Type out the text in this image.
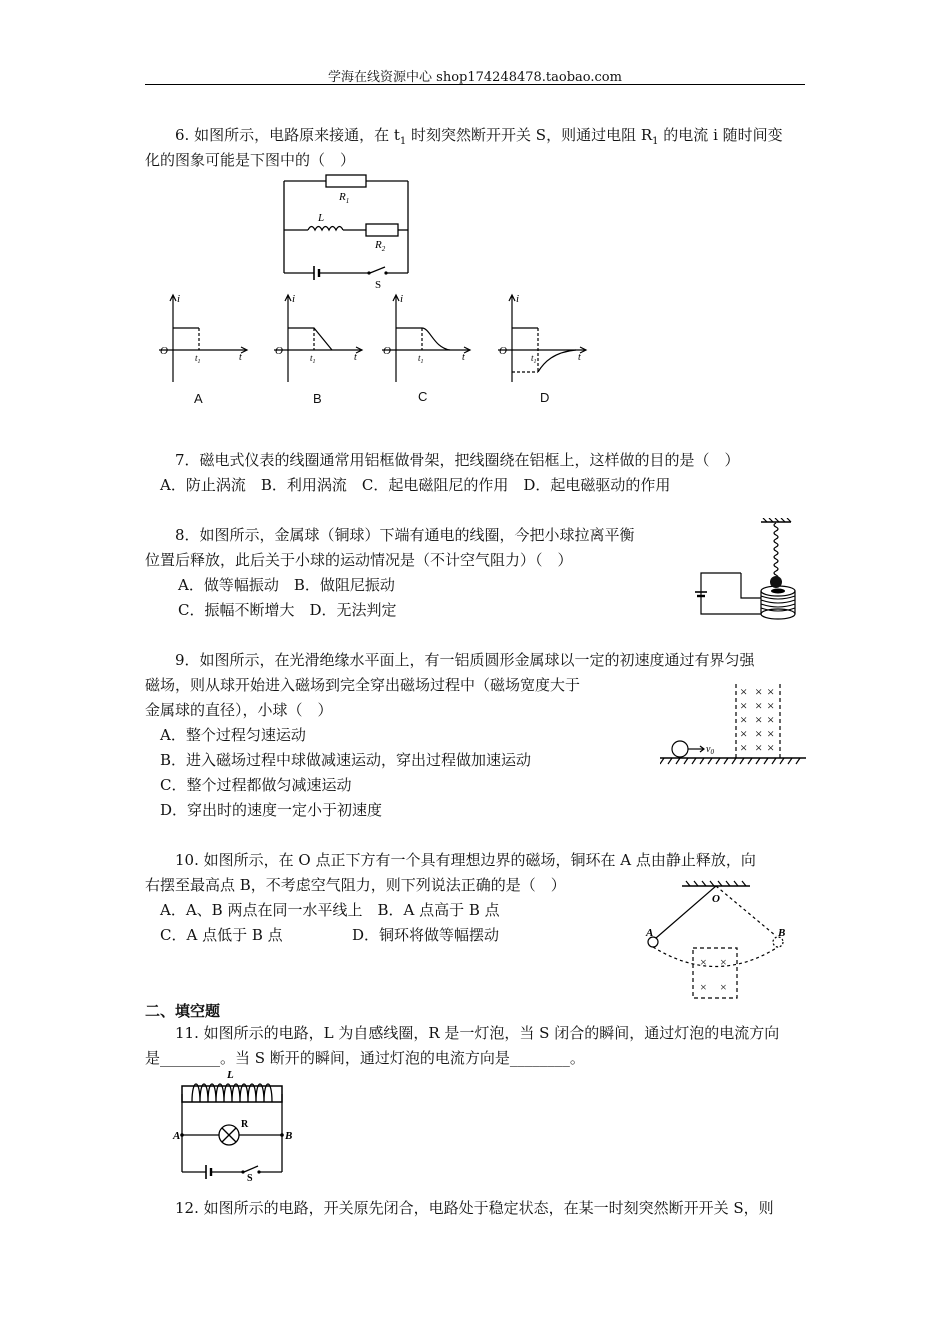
学海在线资源中心 shop174248478.taobao.com
6. 如图所示，电路原来接通，在 $t_1$ 时刻突然断开开关 S，则通过电阻 $R_1$ 的电流 i 随时间变
化的图象可能是下图中的（　）
$R_1$
L
$R_2$
S
i
O
t
$t_1$
i
O
t
$t_1$
i
O
t
$t_1$
i
O
t
$t_1$
A	B	C	D
7．磁电式仪表的线圈通常用铝框做骨架，把线圈绕在铝框上，这样做的目的是（　）
A．防止涡流　B．利用涡流　C．起电磁阻尼的作用　D．起电磁驱动的作用
8．如图所示，金属球（铜球）下端有通电的线圈，今把小球拉离平衡
位置后释放，此后关于小球的运动情况是（不计空气阻力）（　）
A．做等幅振动　B．做阻尼振动
C．振幅不断增大　D．无法判定
9．如图所示，在光滑绝缘水平面上，有一铝质圆形金属球以一定的初速度通过有界匀强
磁场，则从球开始进入磁场到完全穿出磁场过程中（磁场宽度大于
金属球的直径），小球（　）
A．整个过程匀速运动
B．进入磁场过程中球做减速运动，穿出过程做加速运动
C．整个过程都做匀减速运动
D．穿出时的速度一定小于初速度
× × ×
× × ×
× × ×
× × ×
× × ×
$v_0$
10. 如图所示，在 O 点正下方有一个具有理想边界的磁场，铜环在 A 点由静止释放，向
右摆至最高点 B，不考虑空气阻力，则下列说法正确的是（　）
A．A、B 两点在同一水平线上　B．A 点高于 B 点
C．A 点低于 B 点	D．铜环将做等幅摆动
× ×
× ×
O
A	B
二、填空题
11. 如图所示的电路，L 为自感线圈，R 是一灯泡，当 S 闭合的瞬间，通过灯泡的电流方向
是________。当 S 断开的瞬间，通过灯泡的电流方向是________。
L
R
A	B
S
12. 如图所示的电路，开关原先闭合，电路处于稳定状态，在某一时刻突然断开开关 S，则
